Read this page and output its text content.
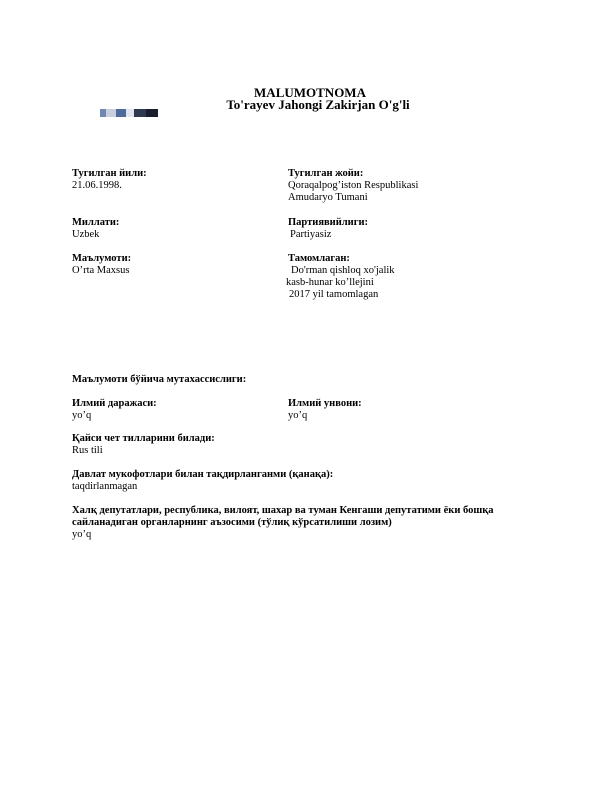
MALUMOTNOMA
To'rayev Jahongi Zakirjan O'g'li
Тугилган йили:
21.06.1998.
Тугилган жойи:
Qoraqalpog’iston Respublikasi
Amudaryo Tumani
Миллати:
Uzbek
Партиявийлиги:
Partiyasiz
Маълумоти:
O’rta Maxsus
Тамомлаган:
Do'rman qishloq xo'jalik
kasb-hunar ko’llejini
2017 yil tamomlagan
Маълумоти бўйича мутахассислиги:
Илмий даражаси:
yo’q
Илмий унвони:
yo’q
Қайси чет тилларини билади:
Rus tili
Давлат мукофотлари билан тақдирланганми (қанақа):
taqdirlanmagan
Халқ депутатлари, республика, вилоят, шахар ва туман Кенгаши депутатими ёки бошқа
сайланадиган органларнинг аъзосими (тўлиқ кўрсатилиши лозим)
yo’q
